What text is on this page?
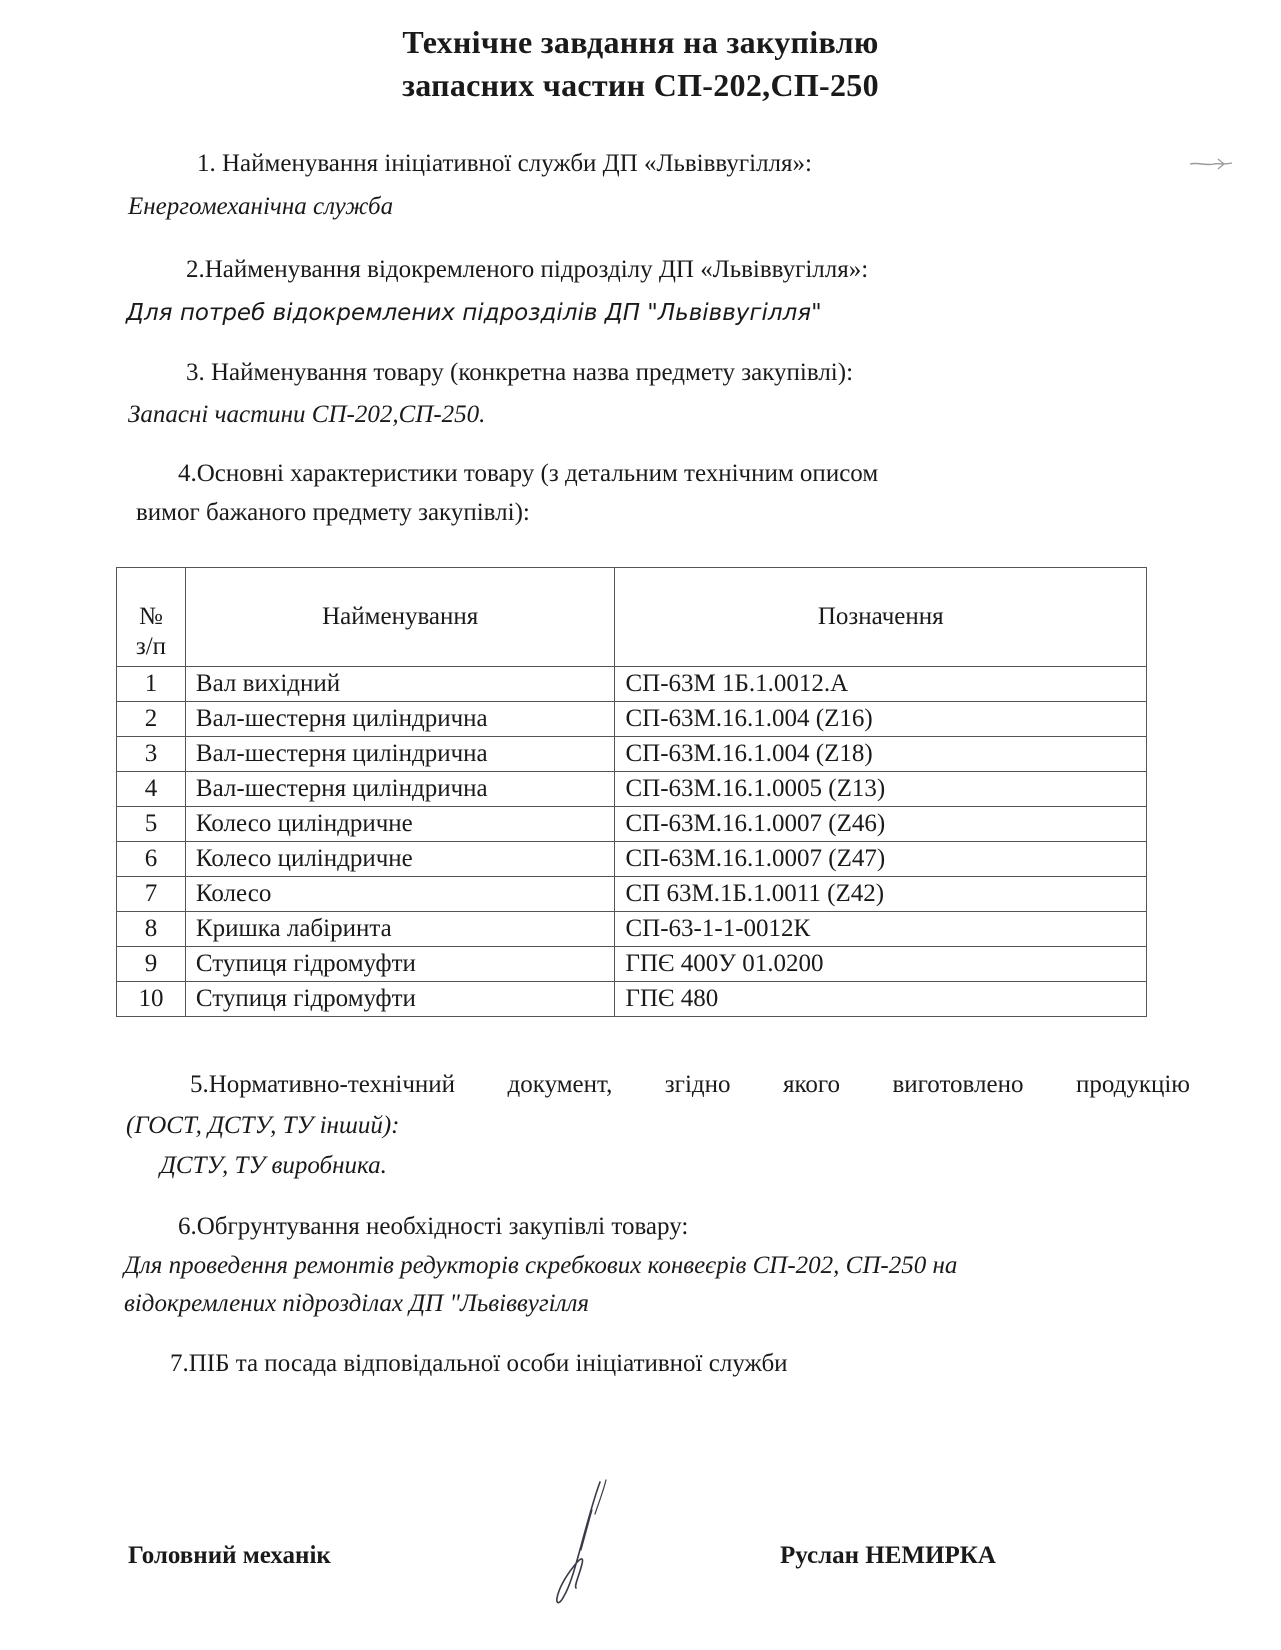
Технічне завдання на закупівлю
запасних частин СП-202,СП-250
1. Найменування ініціативної служби ДП «Львіввугілля»:
Енергомеханічна служба
2.Найменування відокремленого підрозділу ДП «Львіввугілля»:
Для потреб відокремлених підрозділів ДП "Львіввугілля"
3. Найменування товару (конкретна назва предмету закупівлі):
Запасні частини СП-202,СП-250.
4.Основні характеристики товару (з детальним технічним описом
вимог бажаного предмету закупівлі):
№
з/п	Найменування	Позначення
1	Вал вихідний	СП-63М 1Б.1.0012.А
2	Вал-шестерня циліндрична	СП-63М.16.1.004 (Z16)
3	Вал-шестерня циліндрична	СП-63М.16.1.004 (Z18)
4	Вал-шестерня циліндрична	СП-63М.16.1.0005 (Z13)
5	Колесо циліндричне	СП-63М.16.1.0007 (Z46)
6	Колесо циліндричне	СП-63М.16.1.0007 (Z47)
7	Колесо	СП 63М.1Б.1.0011 (Z42)
8	Кришка лабіринта	СП-63-1-1-0012К
9	Ступиця гідромуфти	ГПЄ 400У 01.0200
10	Ступиця гідромуфти	ГПЄ 480
5.Нормативно-технічний документ, згідно якого виготовлено продукцію
(ГОСТ, ДСТУ, ТУ інший):
ДСТУ, ТУ виробника.
6.Обгрунтування необхідності закупівлі товару:
Для проведення ремонтів редукторів скребкових конвеєрів СП-202, СП-250 на
відокремлених підрозділах ДП "Львіввугілля
7.ПІБ та посада відповідальної особи ініціативної служби
Головний механік	Руслан НЕМИРКА
